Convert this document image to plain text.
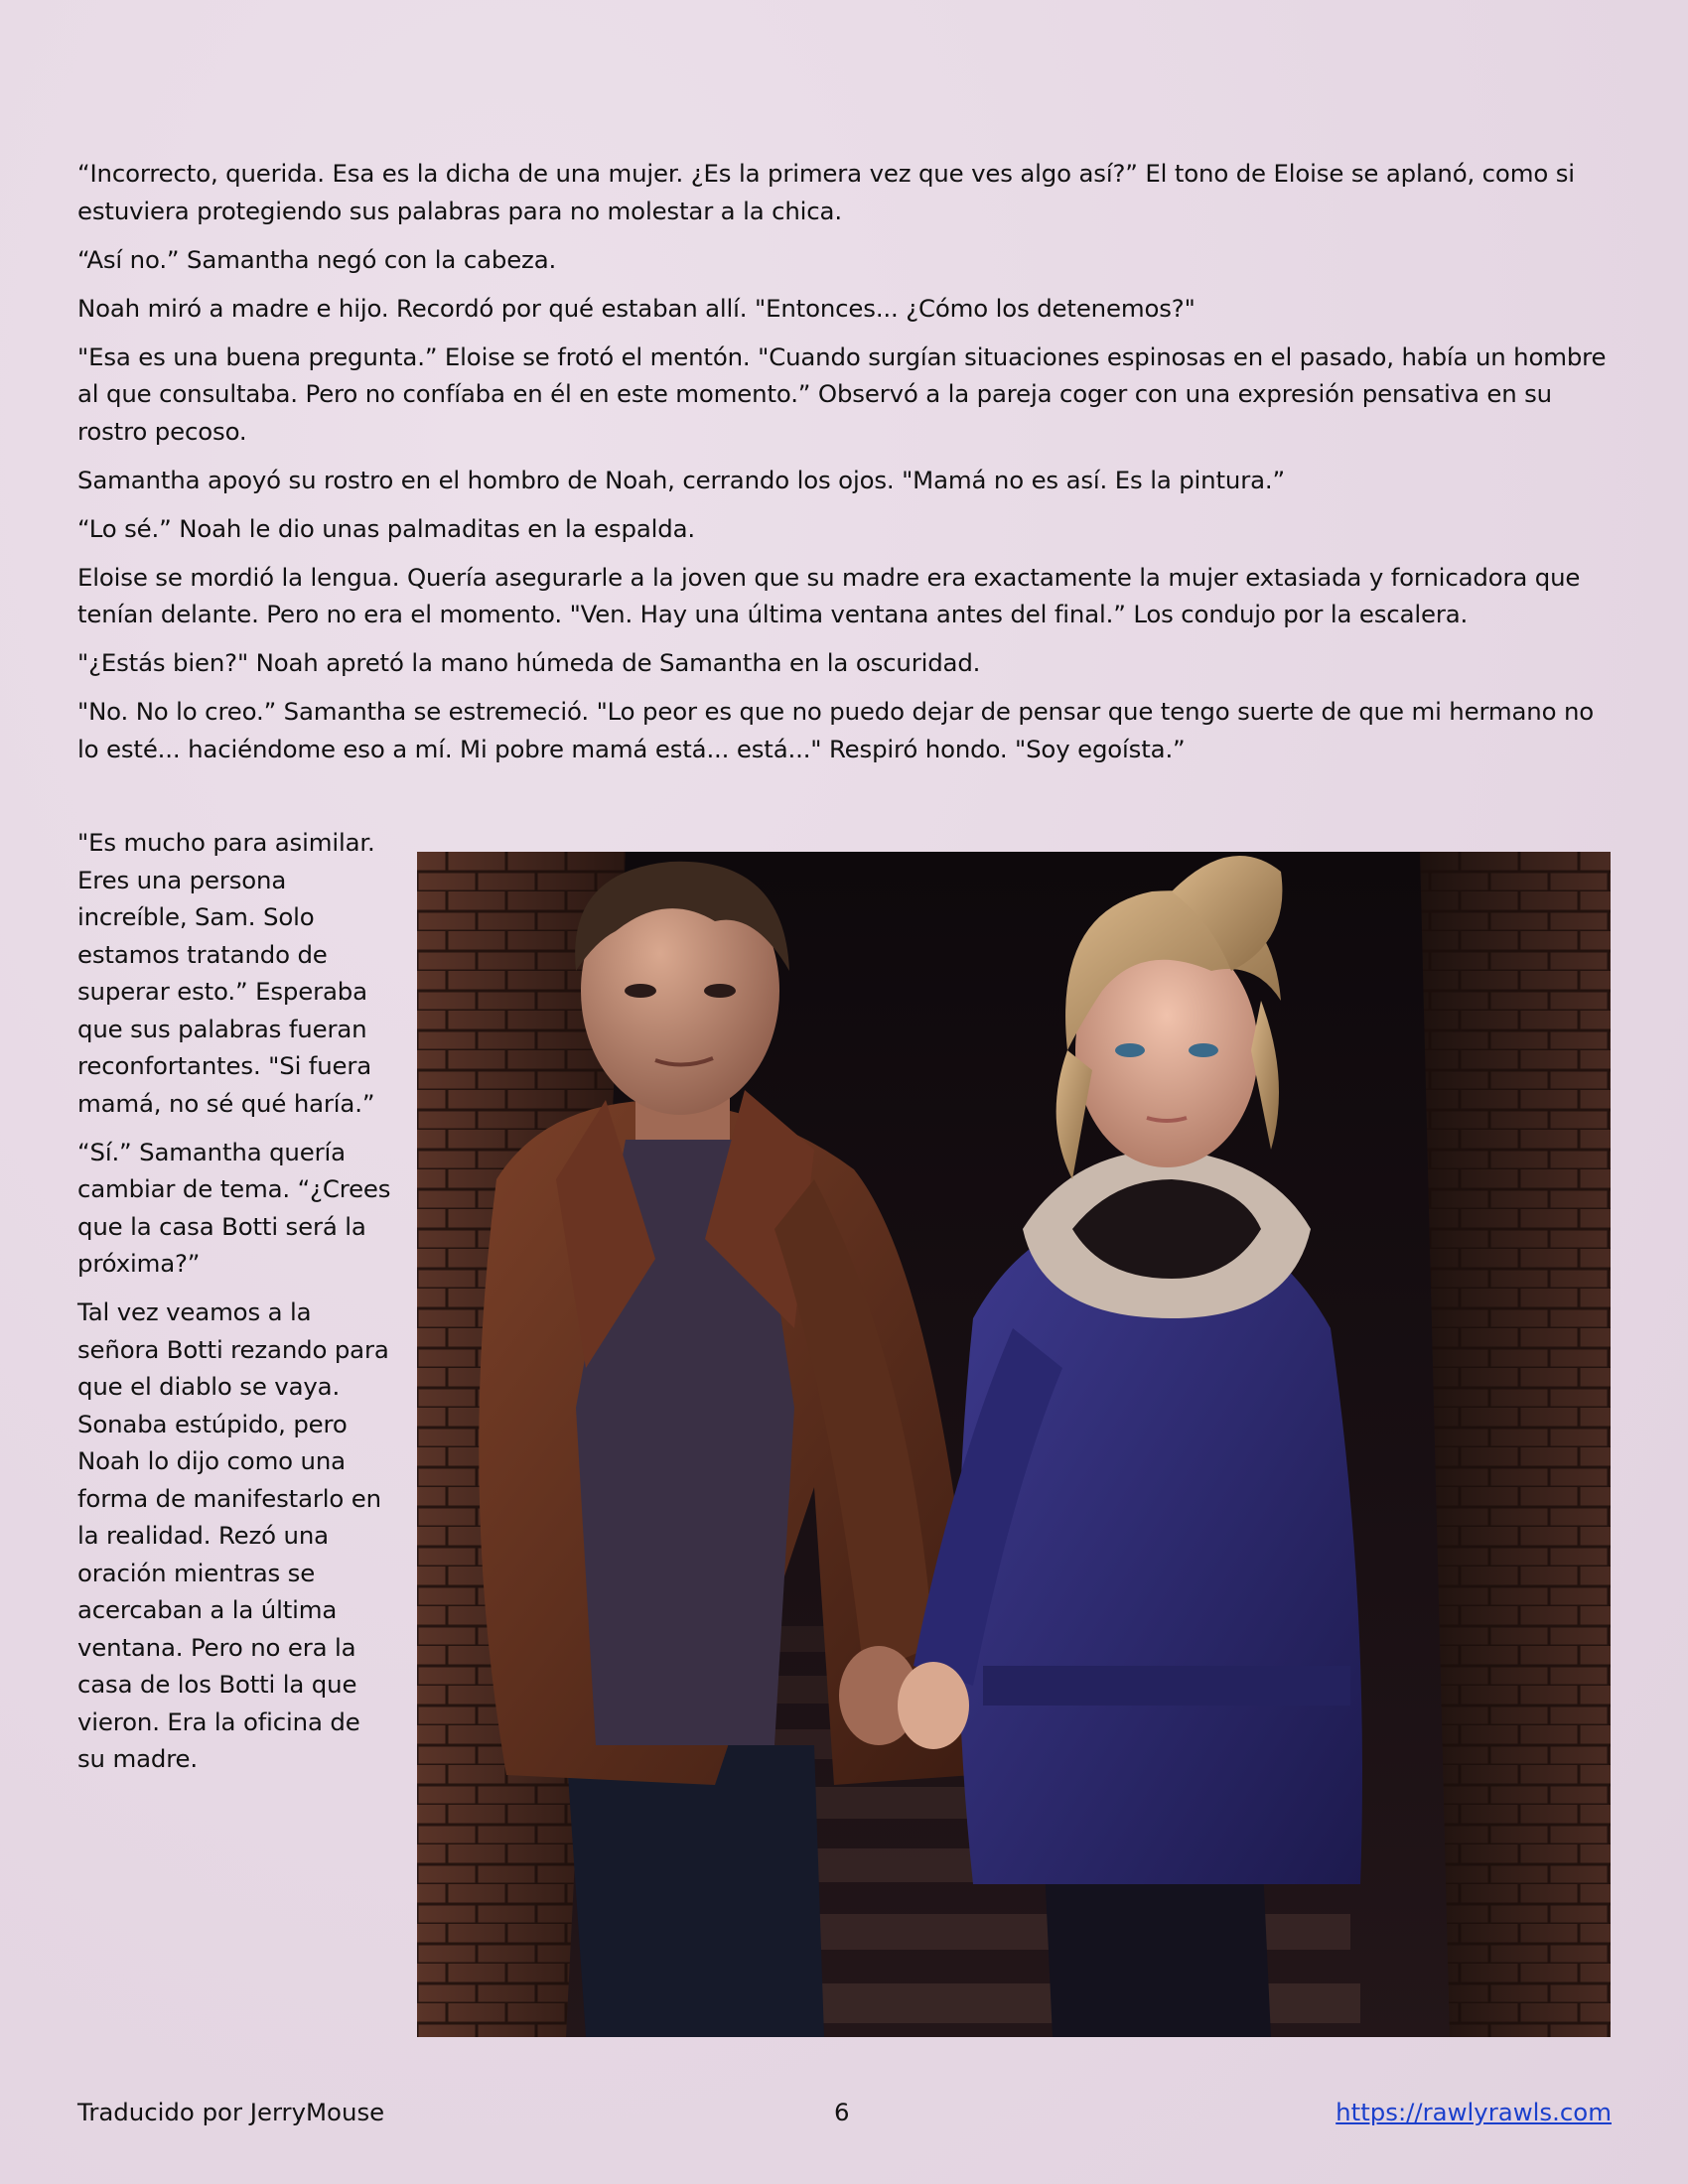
“Incorrecto, querida. Esa es la dicha de una mujer. ¿Es la primera vez que ves algo así?” El tono de Eloise se aplanó, como si estuviera protegiendo sus palabras para no molestar a la chica.

“Así no.” Samantha negó con la cabeza.

Noah miró a madre e hijo. Recordó por qué estaban allí. "Entonces... ¿Cómo los detenemos?"

"Esa es una buena pregunta.” Eloise se frotó el mentón. "Cuando surgían situaciones espinosas en el pasado, había un hombre al que consultaba. Pero no confíaba en él en este momento.” Observó a la pareja coger con una expresión pensativa en su rostro pecoso.

Samantha apoyó su rostro en el hombro de Noah, cerrando los ojos. "Mamá no es así. Es la pintura.”

“Lo sé.” Noah le dio unas palmaditas en la espalda.

Eloise se mordió la lengua. Quería asegurarle a la joven que su madre era exactamente la mujer extasiada y fornicadora que tenían delante. Pero no era el momento. "Ven. Hay una última ventana antes del final.” Los condujo por la escalera.

"¿Estás bien?" Noah apretó la mano húmeda de Samantha en la oscuridad.

"No. No lo creo.” Samantha se estremeció. "Lo peor es que no puedo dejar de pensar que tengo suerte de que mi hermano no lo esté... haciéndome eso a mí. Mi pobre mamá está... está..." Respiró hondo. "Soy egoísta.”

"Es mucho para asimilar. Eres una persona increíble, Sam. Solo estamos tratando de superar esto.” Esperaba que sus palabras fueran reconfortantes. "Si fuera mamá, no sé qué haría.”

“Sí.” Samantha quería cambiar de tema. “¿Crees que la casa Botti será la próxima?”

Tal vez veamos a la señora Botti rezando para que el diablo se vaya. Sonaba estúpido, pero Noah lo dijo como una forma de manifestarlo en la realidad. Rezó una oración mientras se acercaban a la última ventana. Pero no era la casa de los Botti la que vieron. Era la oficina de su madre.

Traducido por JerryMouse	6	https://rawlyrawls.com
